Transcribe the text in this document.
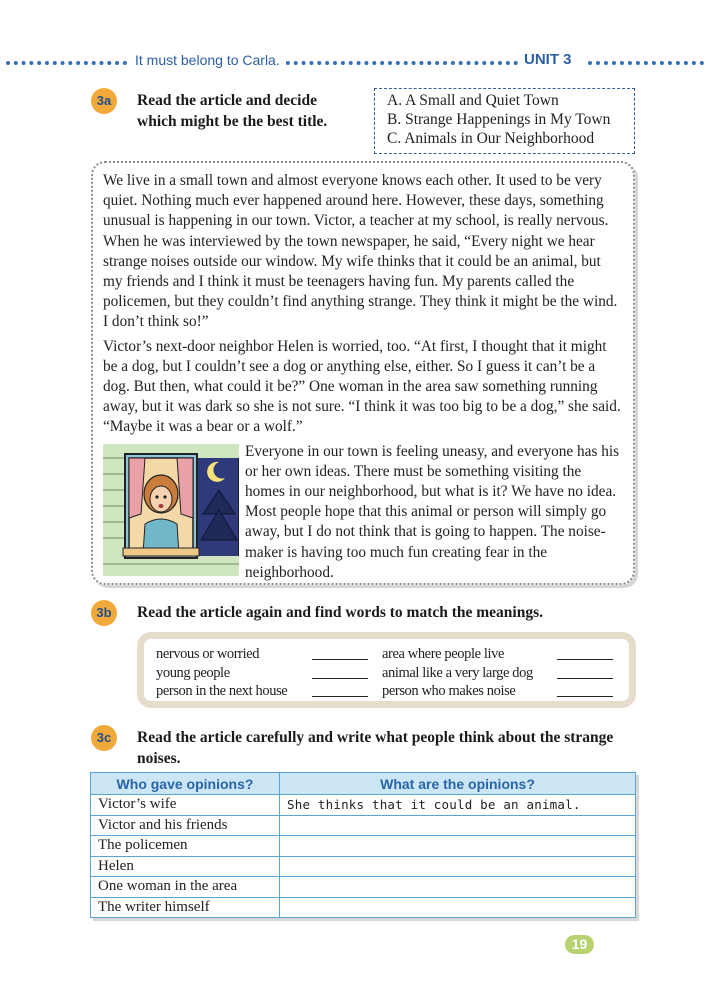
It must belong to Carla.	UNIT 3
3a	Read the article and decide
which might be the best title.
A. A Small and Quiet Town
B. Strange Happenings in My Town
C. Animals in Our Neighborhood

We live in a small town and almost everyone knows each other. It used to be very quiet. Nothing much ever happened around here. However, these days, something unusual is happening in our town. Victor, a teacher at my school, is really nervous. When he was interviewed by the town newspaper, he said, “Every night we hear strange noises outside our window. My wife thinks that it could be an animal, but my friends and I think it must be teenagers having fun. My parents called the policemen, but they couldn’t find anything strange. They think it might be the wind. I don’t think so!”

Victor’s next-door neighbor Helen is worried, too. “At first, I thought that it might be a dog, but I couldn’t see a dog or anything else, either. So I guess it can’t be a dog. But then, what could it be?” One woman in the area saw something running away, but it was dark so she is not sure. “I think it was too big to be a dog,” she said. “Maybe it was a bear or a wolf.”

Everyone in our town is feeling uneasy, and everyone has his or her own ideas. There must be something visiting the homes in our neighborhood, but what is it? We have no idea. Most people hope that this animal or person will simply go away, but I do not think that is going to happen. The noise-maker is having too much fun creating fear in the neighborhood.

3b	Read the article again and find words to match the meanings.
nervous or worried	area where people live
young people	animal like a very large dog
person in the next house	person who makes noise
3c	Read the article carefully and write what people think about the strange
noises.
Who gave opinions?	What are the opinions?
Victor’s wife	She thinks that it could be an animal.
Victor and his friends	
The policemen	
Helen	
One woman in the area	
The writer himself	
19
